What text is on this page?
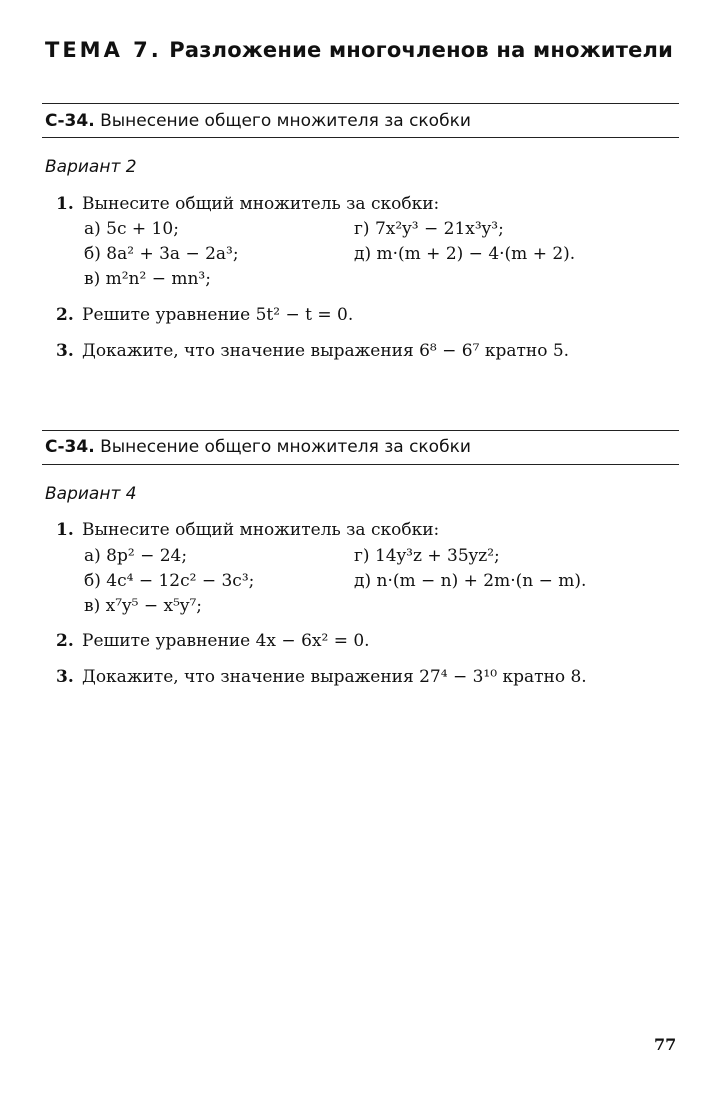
ТЕМА 7. Разложение многочленов на множители
С-34. Вынесение общего множителя за скобки
Вариант 2
1. Вынесите общий множитель за скобки:
а) 5c + 10;	г) 7x²y³ − 21x³y³;
б) 8a² + 3a − 2a³;	д) m·(m + 2) − 4·(m + 2).
в) m²n² − mn³;
2. Решите уравнение 5t² − t = 0.
3. Докажите, что значение выражения 6⁸ − 6⁷ кратно 5.
С-34. Вынесение общего множителя за скобки
Вариант 4
1. Вынесите общий множитель за скобки:
а) 8p² − 24;	г) 14y³z + 35yz²;
б) 4c⁴ − 12c² − 3c³;	д) n·(m − n) + 2m·(n − m).
в) x⁷y⁵ − x⁵y⁷;
2. Решите уравнение 4x − 6x² = 0.
3. Докажите, что значение выражения 27⁴ − 3¹⁰ кратно 8.
77
